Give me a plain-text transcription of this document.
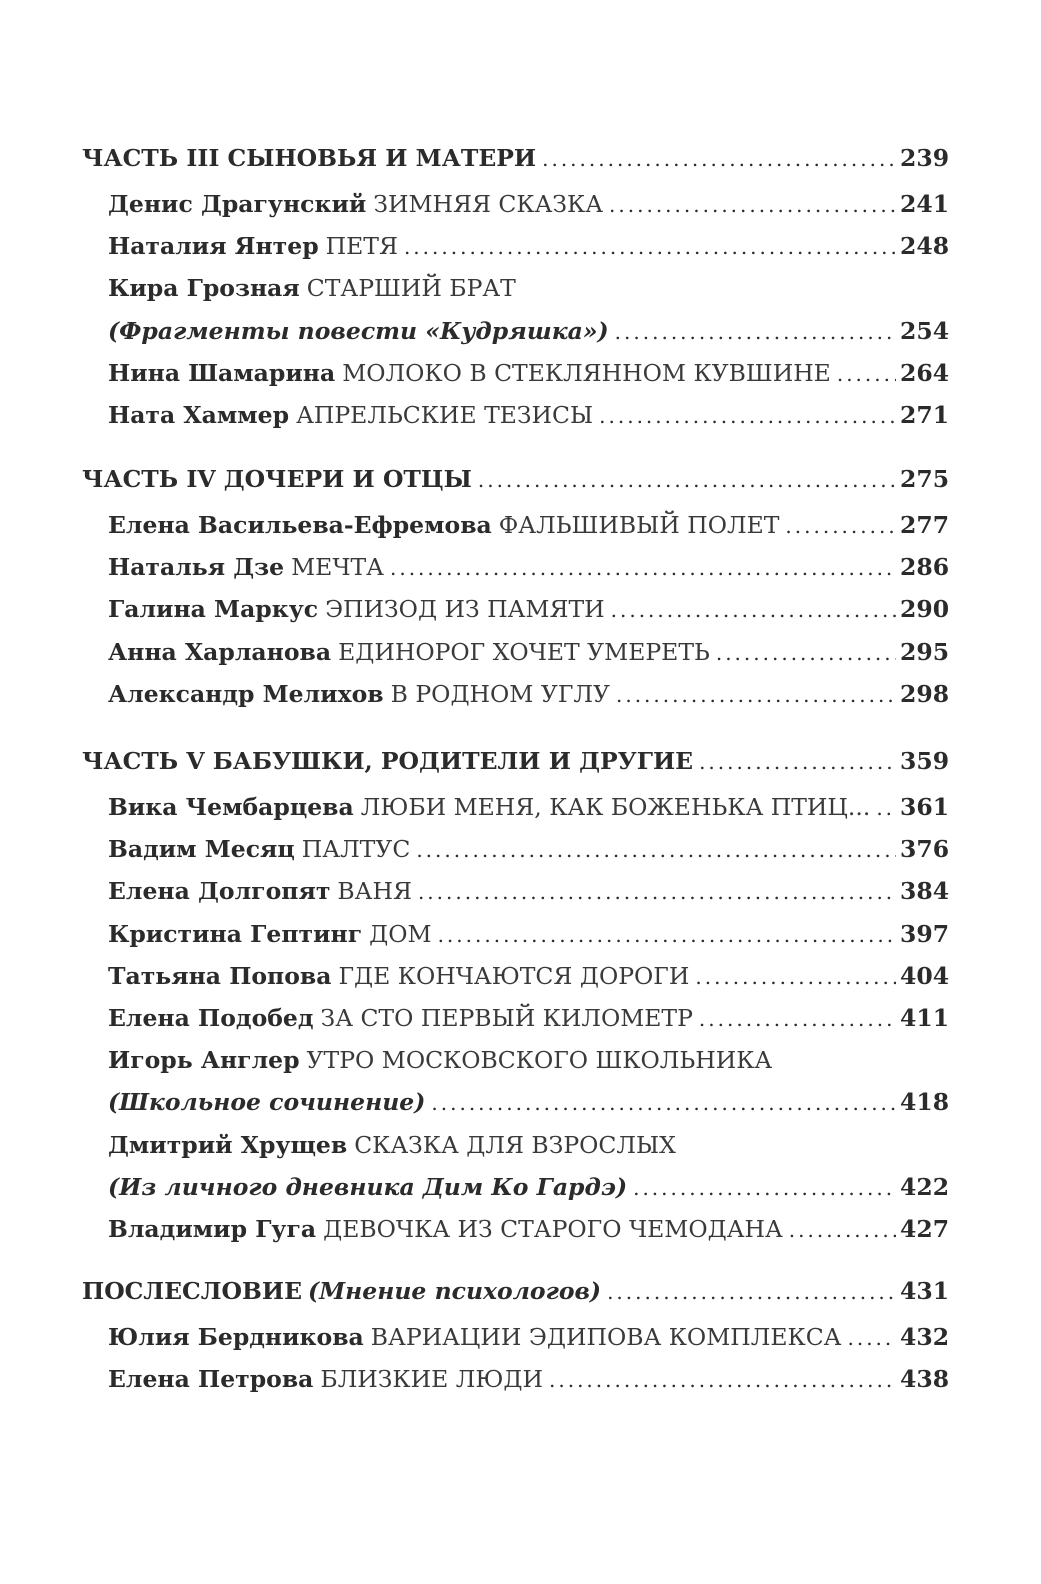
ЧАСТЬ III СЫНОВЬЯ И МАТЕРИ .....	239
Денис Драгунский ЗИМНЯЯ СКАЗКА .....	241
Наталия Янтер ПЕТЯ .....	248
Кира Грозная СТАРШИЙ БРАТ
(Фрагменты повести «Кудряшка») .....	254
Нина Шамарина МОЛОКО В СТЕКЛЯННОМ КУВШИНЕ .....	264
Ната Хаммер АПРЕЛЬСКИЕ ТЕЗИСЫ .....	271
ЧАСТЬ IV ДОЧЕРИ И ОТЦЫ .....	275
Елена Васильева-Ефремова ФАЛЬШИВЫЙ ПОЛЕТ .....	277
Наталья Дзе МЕЧТА .....	286
Галина Маркус ЭПИЗОД ИЗ ПАМЯТИ .....	290
Анна Харланова ЕДИНОРОГ ХОЧЕТ УМЕРЕТЬ .....	295
Александр Мелихов В РОДНОМ УГЛУ .....	298
ЧАСТЬ V БАБУШКИ, РОДИТЕЛИ И ДРУГИЕ .....	359
Вика Чембарцева ЛЮБИ МЕНЯ, КАК БОЖЕНЬКА ПТИЦ... ..... 361
Вадим Месяц ПАЛТУС .....	376
Елена Долгопят ВАНЯ .....	384
Кристина Гептинг ДОМ .....	397
Татьяна Попова ГДЕ КОНЧАЮТСЯ ДОРОГИ .....	404
Елена Подобед ЗА СТО ПЕРВЫЙ КИЛОМЕТР .....	411
Игорь Англер УТРО МОСКОВСКОГО ШКОЛЬНИКА
(Школьное сочинение) .....	418
Дмитрий Хрущев СКАЗКА ДЛЯ ВЗРОСЛЫХ
(Из личного дневника Дим Ко Гардэ) .....	422
Владимир Гуга ДЕВОЧКА ИЗ СТАРОГО ЧЕМОДАНА .....	427
ПОСЛЕСЛОВИЕ (Мнение психологов) .....	431
Юлия Бердникова ВАРИАЦИИ ЭДИПОВА КОМПЛЕКСА ..... 432
Елена Петрова БЛИЗКИЕ ЛЮДИ .....	438
